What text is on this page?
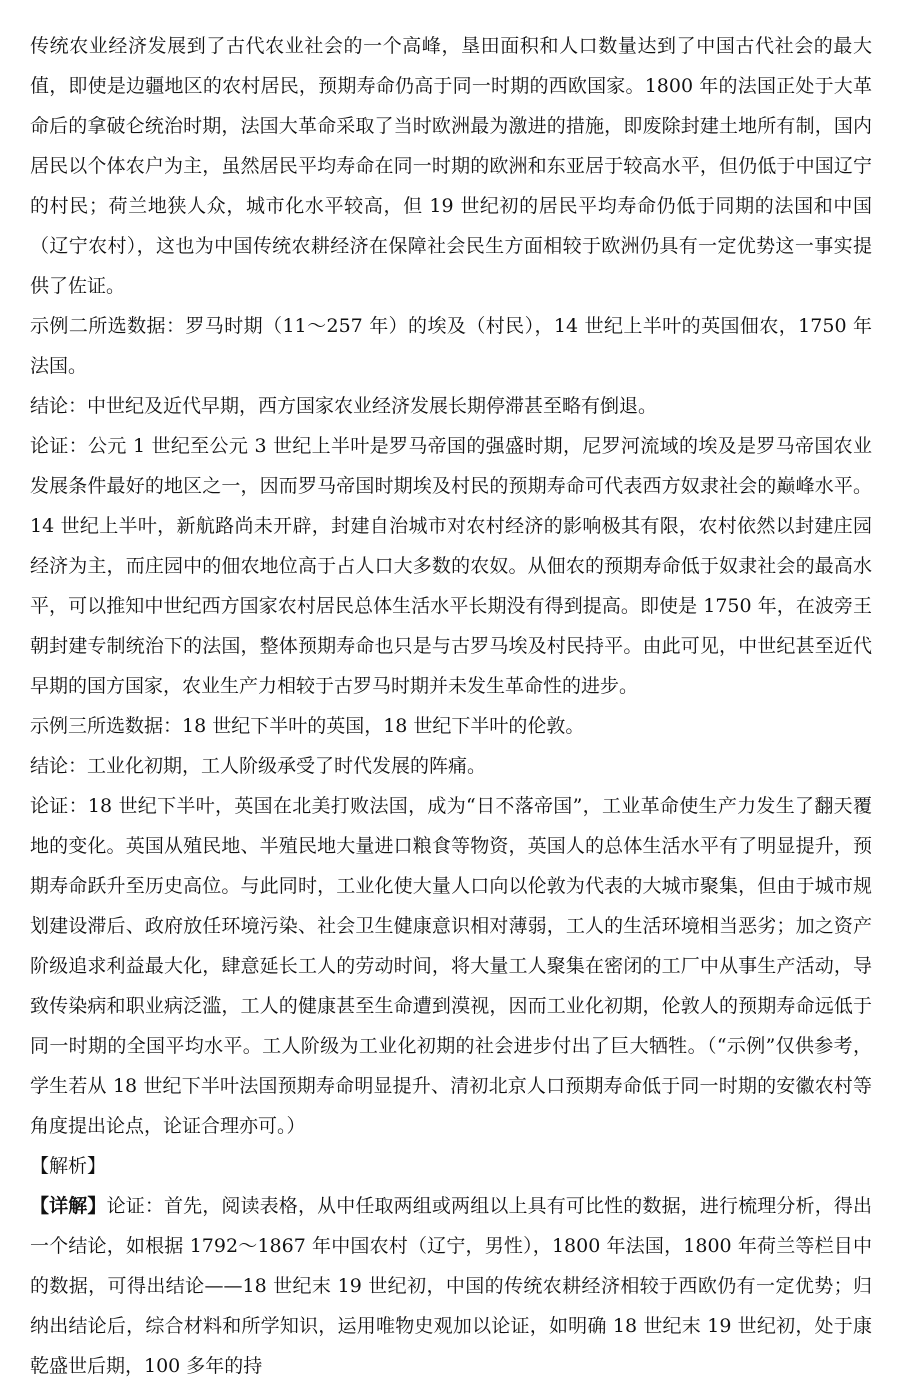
传统农业经济发展到了古代农业社会的一个高峰，垦田面积和人口数量达到了中国古代社会的最大值，即使是边疆地区的农村居民，预期寿命仍高于同一时期的西欧国家。1800 年的法国正处于大革命后的拿破仑统治时期，法国大革命采取了当时欧洲最为激进的措施，即废除封建土地所有制，国内居民以个体农户为主，虽然居民平均寿命在同一时期的欧洲和东亚居于较高水平，但仍低于中国辽宁的村民；荷兰地狭人众，城市化水平较高，但 19 世纪初的居民平均寿命仍低于同期的法国和中国（辽宁农村），这也为中国传统农耕经济在保障社会民生方面相较于欧洲仍具有一定优势这一事实提供了佐证。

示例二所选数据：罗马时期（11～257 年）的埃及（村民），14 世纪上半叶的英国佃农，1750 年法国。

结论：中世纪及近代早期，西方国家农业经济发展长期停滞甚至略有倒退。

论证：公元 1 世纪至公元 3 世纪上半叶是罗马帝国的强盛时期，尼罗河流域的埃及是罗马帝国农业发展条件最好的地区之一，因而罗马帝国时期埃及村民的预期寿命可代表西方奴隶社会的巅峰水平。14 世纪上半叶，新航路尚未开辟，封建自治城市对农村经济的影响极其有限，农村依然以封建庄园经济为主，而庄园中的佃农地位高于占人口大多数的农奴。从佃农的预期寿命低于奴隶社会的最高水平，可以推知中世纪西方国家农村居民总体生活水平长期没有得到提高。即使是 1750 年，在波旁王朝封建专制统治下的法国，整体预期寿命也只是与古罗马埃及村民持平。由此可见，中世纪甚至近代早期的国方国家，农业生产力相较于古罗马时期并未发生革命性的进步。

示例三所选数据：18 世纪下半叶的英国，18 世纪下半叶的伦敦。

结论：工业化初期，工人阶级承受了时代发展的阵痛。

论证：18 世纪下半叶，英国在北美打败法国，成为“日不落帝国”，工业革命使生产力发生了翻天覆地的变化。英国从殖民地、半殖民地大量进口粮食等物资，英国人的总体生活水平有了明显提升，预期寿命跃升至历史高位。与此同时，工业化使大量人口向以伦敦为代表的大城市聚集，但由于城市规划建设滞后、政府放任环境污染、社会卫生健康意识相对薄弱，工人的生活环境相当恶劣；加之资产阶级追求利益最大化，肆意延长工人的劳动时间，将大量工人聚集在密闭的工厂中从事生产活动，导致传染病和职业病泛滥，工人的健康甚至生命遭到漠视，因而工业化初期，伦敦人的预期寿命远低于同一时期的全国平均水平。工人阶级为工业化初期的社会进步付出了巨大牺牲。（“示例”仅供参考，学生若从 18 世纪下半叶法国预期寿命明显提升、清初北京人口预期寿命低于同一时期的安徽农村等角度提出论点，论证合理亦可。）

【解析】

【详解】论证：首先，阅读表格，从中任取两组或两组以上具有可比性的数据，进行梳理分析，得出一个结论，如根据 1792～1867 年中国农村（辽宁，男性），1800 年法国，1800 年荷兰等栏目中的数据，可得出结论——18 世纪末 19 世纪初，中国的传统农耕经济相较于西欧仍有一定优势；归纳出结论后，综合材料和所学知识，运用唯物史观加以论证，如明确 18 世纪末 19 世纪初，处于康乾盛世后期，100 多年的持
